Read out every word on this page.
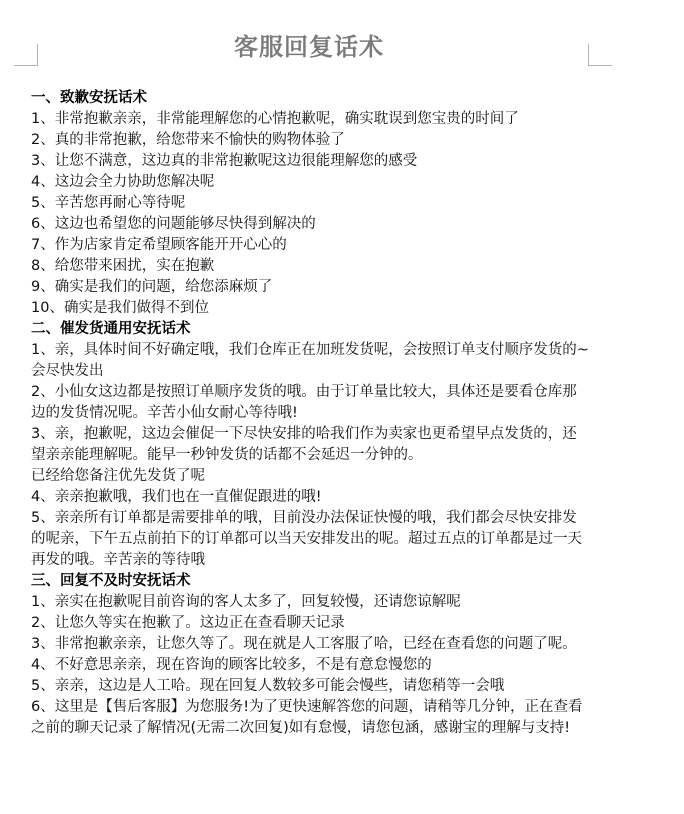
客服回复话术
一、致歉安抚话术
1、非常抱歉亲亲，非常能理解您的心情抱歉呢，确实耽误到您宝贵的时间了
2、真的非常抱歉，给您带来不愉快的购物体验了
3、让您不满意，这边真的非常抱歉呢这边很能理解您的感受
4、这边会全力协助您解决呢
5、辛苦您再耐心等待呢
6、这边也希望您的问题能够尽快得到解决的
7、作为店家肯定希望顾客能开开心心的
8、给您带来困扰，实在抱歉
9、确实是我们的问题，给您添麻烦了
10、确实是我们做得不到位
二、催发货通用安抚话术
1、亲，具体时间不好确定哦，我们仓库正在加班发货呢，会按照订单支付顺序发货的~会尽快发出
2、小仙女这边都是按照订单顺序发货的哦。由于订单量比较大，具体还是要看仓库那边的发货情况呢。辛苦小仙女耐心等待哦!
3、亲，抱歉呢，这边会催促一下尽快安排的哈我们作为卖家也更希望早点发货的，还望亲亲能理解呢。能早一秒钟发货的话都不会延迟一分钟的。
已经给您备注优先发货了呢
4、亲亲抱歉哦，我们也在一直催促跟进的哦!
5、亲亲所有订单都是需要排单的哦，目前没办法保证快慢的哦，我们都会尽快安排发的呢亲，下午五点前拍下的订单都可以当天安排发出的呢。超过五点的订单都是过一天再发的哦。辛苦亲的等待哦
三、回复不及时安抚话术
1、亲实在抱歉呢目前咨询的客人太多了，回复较慢，还请您谅解呢
2、让您久等实在抱歉了。这边正在查看聊天记录
3、非常抱歉亲亲，让您久等了。现在就是人工客服了哈，已经在查看您的问题了呢。
4、不好意思亲亲，现在咨询的顾客比较多，不是有意怠慢您的
5、亲亲，这边是人工哈。现在回复人数较多可能会慢些，请您稍等一会哦
6、这里是【售后客服】为您服务!为了更快速解答您的问题，请稍等几分钟，正在查看之前的聊天记录了解情况(无需二次回复)如有怠慢，请您包涵，感谢宝的理解与支持!
